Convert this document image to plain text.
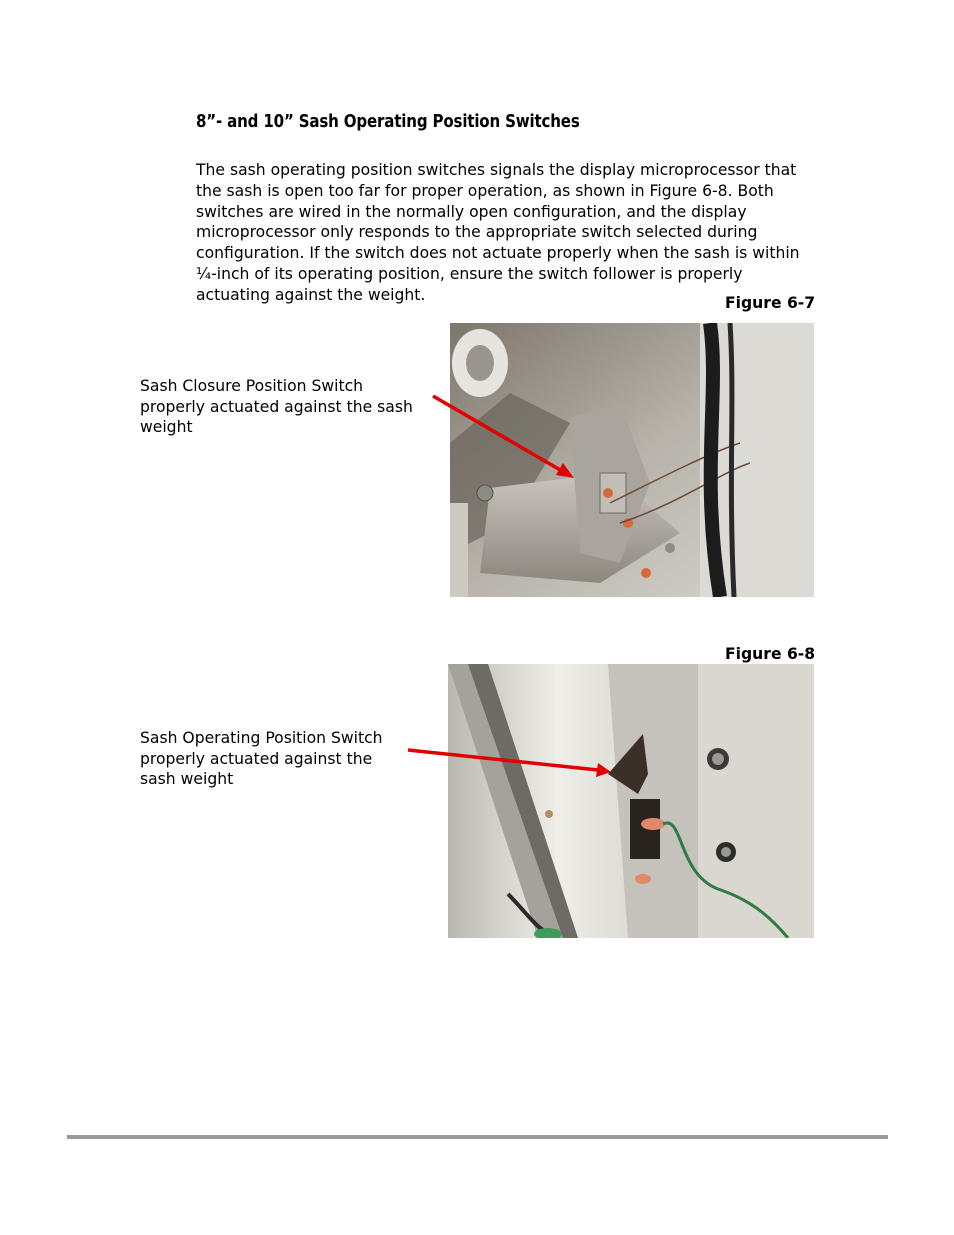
8”- and 10” Sash Operating Position Switches

The sash operating position switches signals the display microprocessor that the sash is open too far for proper operation, as shown in Figure 6-8. Both switches are wired in the normally open configuration, and the display microprocessor only responds to the appropriate switch selected during configuration. If the switch does not actuate properly when the sash is within ¼-inch of its operating position, ensure the switch follower is properly actuating against the weight.	Figure 6-7

Sash Closure Position Switch properly actuated against the sash weight

Figure 6-8

Sash Operating Position Switch properly actuated against the sash weight
